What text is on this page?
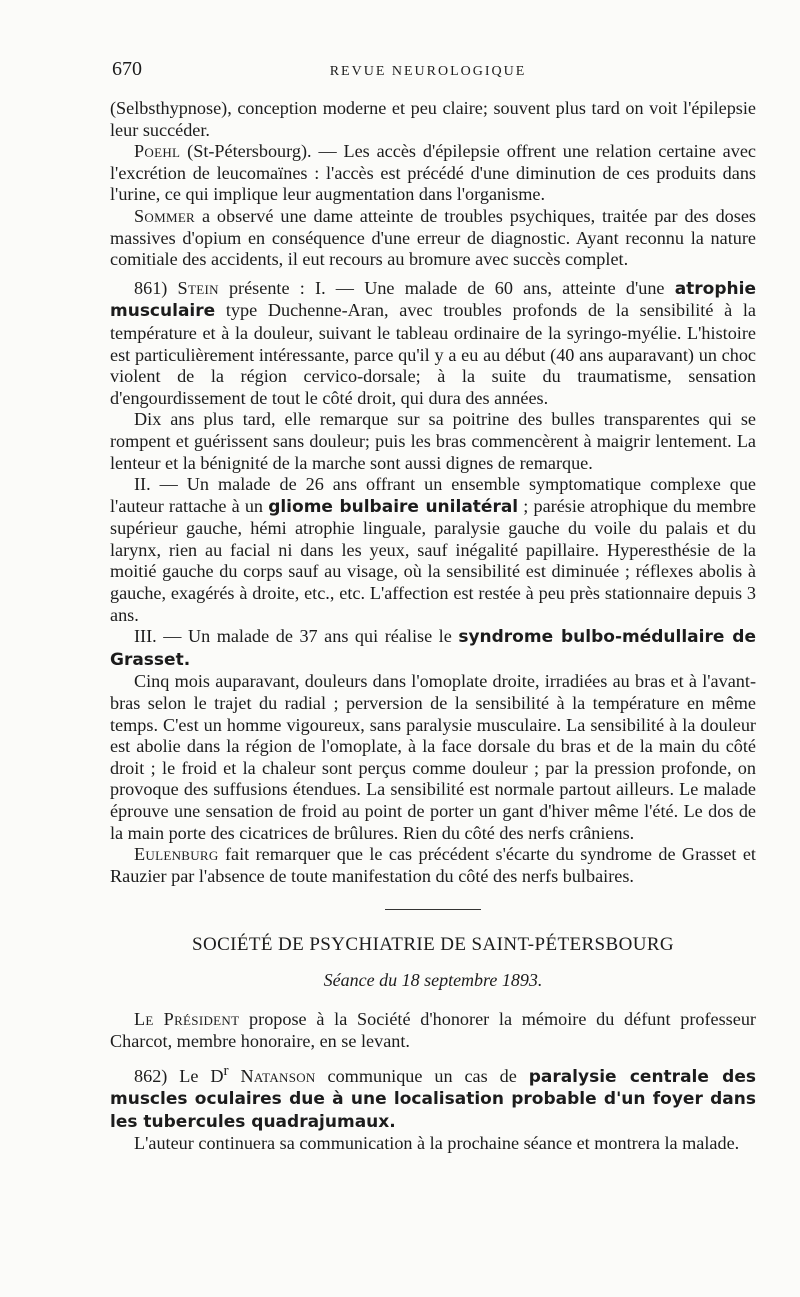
670	REVUE NEUROLOGIQUE

(Selbsthypnose), conception moderne et peu claire; souvent plus tard on voit l'épilepsie leur succéder.

Poehl (St-Pétersbourg). — Les accès d'épilepsie offrent une relation certaine avec l'excrétion de leucomaïnes : l'accès est précédé d'une diminution de ces produits dans l'urine, ce qui implique leur augmentation dans l'organisme.

Sommer a observé une dame atteinte de troubles psychiques, traitée par des doses massives d'opium en conséquence d'une erreur de diagnostic. Ayant reconnu la nature comitiale des accidents, il eut recours au bromure avec succès complet.

861) Stein présente : I. — Une malade de 60 ans, atteinte d'une atrophie musculaire type Duchenne-Aran, avec troubles profonds de la sensibilité à la température et à la douleur, suivant le tableau ordinaire de la syringo-myélie. L'histoire est particulièrement intéressante, parce qu'il y a eu au début (40 ans auparavant) un choc violent de la région cervico-dorsale; à la suite du traumatisme, sensation d'engourdissement de tout le côté droit, qui dura des années.

Dix ans plus tard, elle remarque sur sa poitrine des bulles transparentes qui se rompent et guérissent sans douleur; puis les bras commencèrent à maigrir lentement. La lenteur et la bénignité de la marche sont aussi dignes de remarque.

II. — Un malade de 26 ans offrant un ensemble symptomatique complexe que l'auteur rattache à un gliome bulbaire unilatéral ; parésie atrophique du membre supérieur gauche, hémi atrophie linguale, paralysie gauche du voile du palais et du larynx, rien au facial ni dans les yeux, sauf inégalité papillaire. Hyperesthésie de la moitié gauche du corps sauf au visage, où la sensibilité est diminuée ; réflexes abolis à gauche, exagérés à droite, etc., etc. L'affection est restée à peu près stationnaire depuis 3 ans.

III. — Un malade de 37 ans qui réalise le syndrome bulbo-médullaire de Grasset.

Cinq mois auparavant, douleurs dans l'omoplate droite, irradiées au bras et à l'avant-bras selon le trajet du radial ; perversion de la sensibilité à la température en même temps. C'est un homme vigoureux, sans paralysie musculaire. La sensibilité à la douleur est abolie dans la région de l'omoplate, à la face dorsale du bras et de la main du côté droit ; le froid et la chaleur sont perçus comme douleur ; par la pression profonde, on provoque des suffusions étendues. La sensibilité est normale partout ailleurs. Le malade éprouve une sensation de froid au point de porter un gant d'hiver même l'été. Le dos de la main porte des cicatrices de brûlures. Rien du côté des nerfs crâniens.

Eulenburg fait remarquer que le cas précédent s'écarte du syndrome de Grasset et Rauzier par l'absence de toute manifestation du côté des nerfs bulbaires.

SOCIÉTÉ DE PSYCHIATRIE DE SAINT-PÉTERSBOURG
Séance du 18 septembre 1893.

Le Président propose à la Société d'honorer la mémoire du défunt professeur Charcot, membre honoraire, en se levant.

862) Le $D^r$ Natanson communique un cas de paralysie centrale des muscles oculaires due à une localisation probable d'un foyer dans les tubercules quadrajumaux.

L'auteur continuera sa communication à la prochaine séance et montrera la malade.
